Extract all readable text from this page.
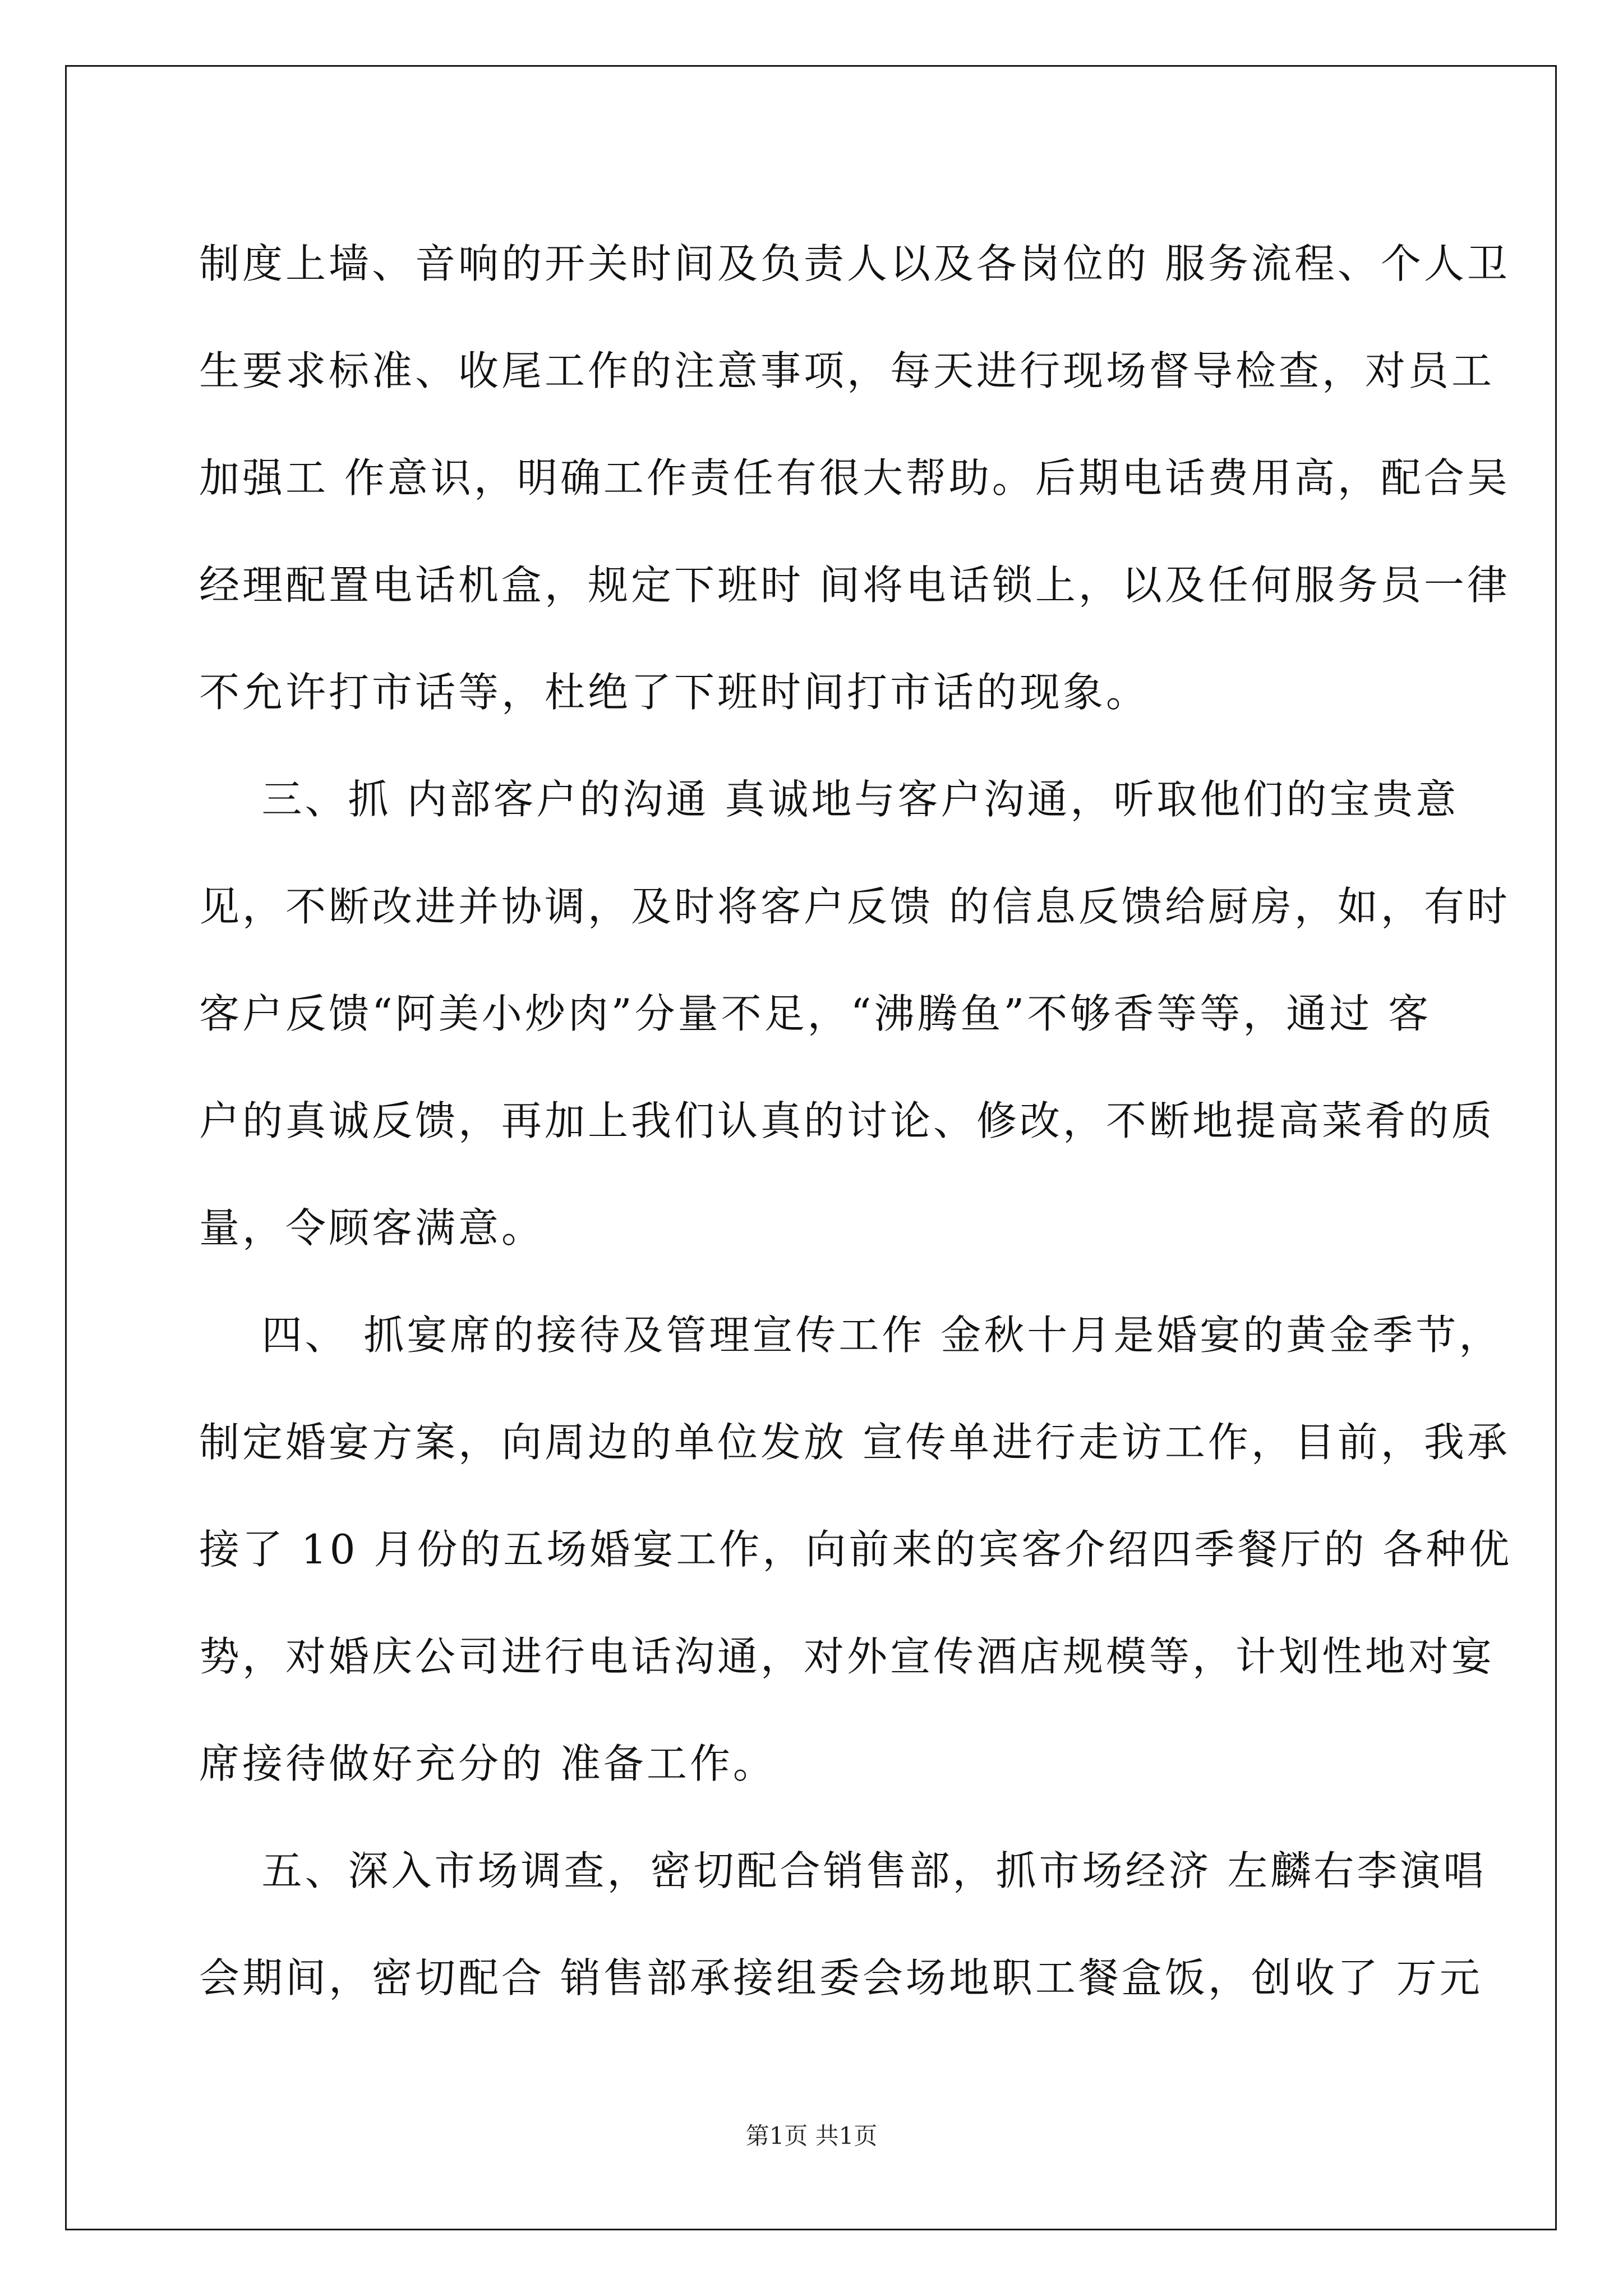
制度上墙、音响的开关时间及负责人以及各岗位的 服务流程、个人卫
生要求标准、收尾工作的注意事项，每天进行现场督导检查，对员工
加强工 作意识，明确工作责任有很大帮助。后期电话费用高，配合吴
经理配置电话机盒，规定下班时 间将电话锁上，以及任何服务员一律
不允许打市话等，杜绝了下班时间打市话的现象。
三、抓 内部客户的沟通 真诚地与客户沟通，听取他们的宝贵意
见，不断改进并协调，及时将客户反馈 的信息反馈给厨房，如，有时
客户反馈“阿美小炒肉”分量不足，“沸腾鱼”不够香等等，通过 客
户的真诚反馈，再加上我们认真的讨论、修改，不断地提高菜肴的质
量，令顾客满意。
四、 抓宴席的接待及管理宣传工作 金秋十月是婚宴的黄金季节，
制定婚宴方案，向周边的单位发放 宣传单进行走访工作，目前，我承
接了 10 月份的五场婚宴工作，向前来的宾客介绍四季餐厅的 各种优
势，对婚庆公司进行电话沟通，对外宣传酒店规模等，计划性地对宴
席接待做好充分的 准备工作。
五、深入市场调查，密切配合销售部，抓市场经济 左麟右李演唱
会期间，密切配合 销售部承接组委会场地职工餐盒饭，创收了 万元
第1页 共1页
